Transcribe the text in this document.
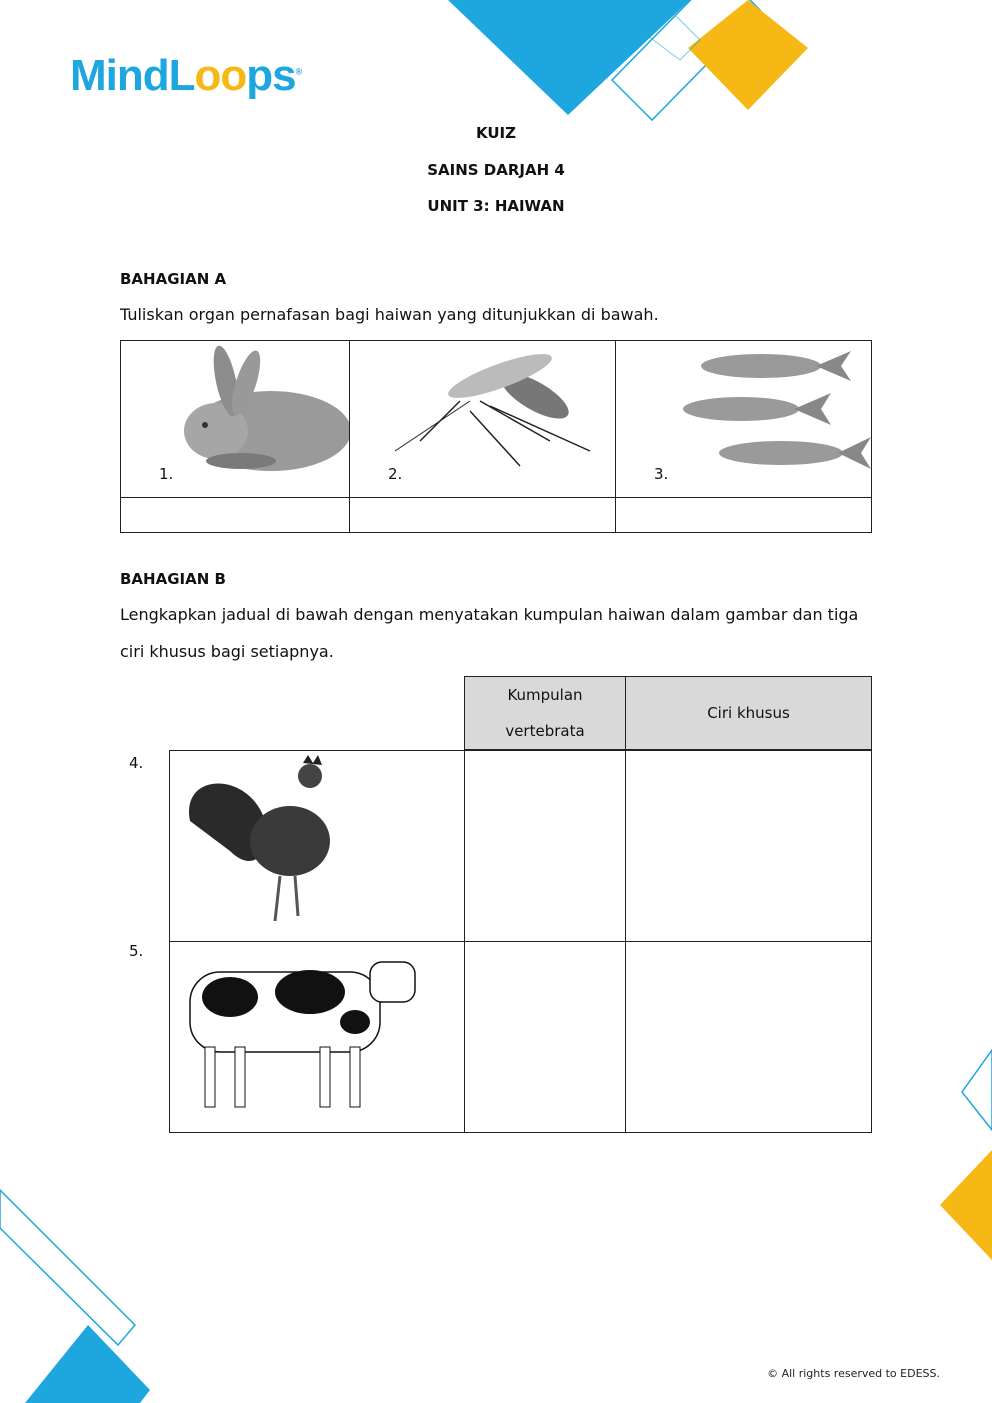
MindLoops®
KUIZ
SAINS DARJAH 4
UNIT 3: HAIWAN
BAHAGIAN A
Tuliskan organ pernafasan bagi haiwan yang ditunjukkan di bawah.
1.	2.	3.

BAHAGIAN B
Lengkapkan jadual di bawah dengan menyatakan kumpulan haiwan dalam gambar dan tiga
ciri khusus bagi setiapnya.
Kumpulan
vertebrata
	Ciri khusus
4.
5.

© All rights reserved to EDESS.
